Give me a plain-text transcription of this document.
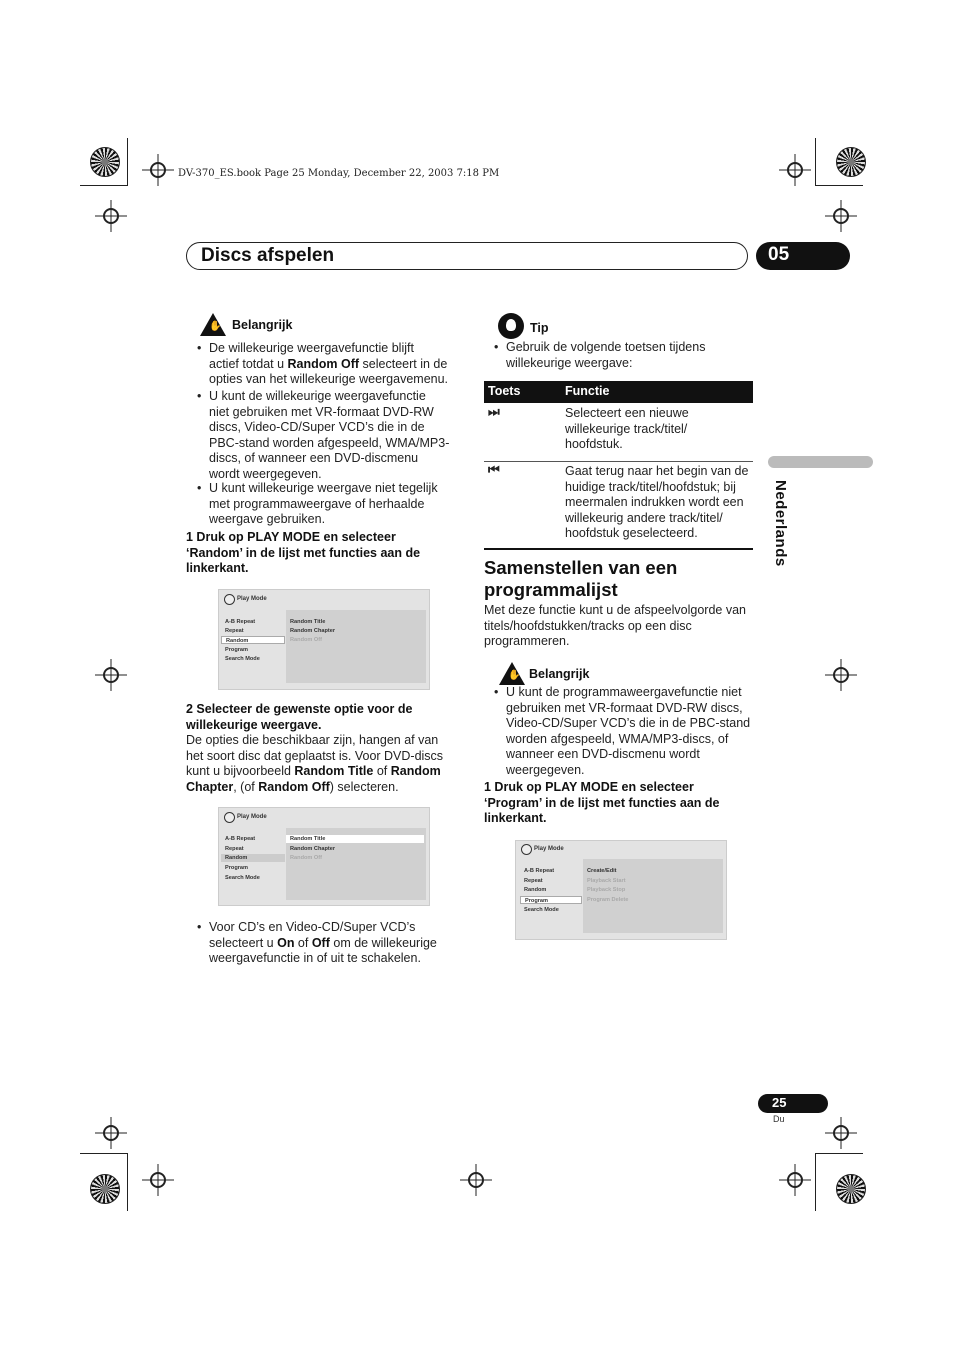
DV-370_ES.book Page 25 Monday, December 22, 2003 7:18 PM
Discs afspelen	05
✋ Belangrijk
• De willekeurige weergavefunctie blijft
actief totdat u Random Off selecteert in de
opties van het willekeurige weergavemenu.
• U kunt de willekeurige weergavefunctie
niet gebruiken met VR-formaat DVD-RW
discs, Video-CD/Super VCD’s die in de
PBC-stand worden afgespeeld, WMA/MP3-
discs, of wanneer een DVD-discmenu
wordt weergegeven.
• U kunt willekeurige weergave niet tegelijk
met programmaweergave of herhaalde
weergave gebruiken.
1 Druk op PLAY MODE en selecteer
‘Random’ in de lijst met functies aan de
linkerkant.
Play Mode
A-B Repeat
Repeat
Random
Program
Search Mode
Random Title
Random Chapter
Random Off
2 Selecteer de gewenste optie voor de
willekeurige weergave.
De opties die beschikbaar zijn, hangen af van
het soort disc dat geplaatst is. Voor DVD-discs
kunt u bijvoorbeeld Random Title of Random
Chapter, (of Random Off) selecteren.
Play Mode
A-B Repeat
Repeat
Random
Program
Search Mode
Random Title
Random Chapter
Random Off
• Voor CD’s en Video-CD/Super VCD’s
selecteert u On of Off om de willekeurige
weergavefunctie in of uit te schakelen.
Tip
• Gebruik de volgende toetsen tijdens
willekeurige weergave:
Toets	Functie
⏭	Selecteert een nieuwe
willekeurige track/titel/
hoofdstuk.
⏮	Gaat terug naar het begin van de
huidige track/titel/hoofdstuk; bij
meermalen indrukken wordt een
willekeurig andere track/titel/
hoofdstuk geselecteerd.
Samenstellen van een
programmalijst
Met deze functie kunt u de afspeelvolgorde van
titels/hoofdstukken/tracks op een disc
programmeren.
✋ Belangrijk
• U kunt de programmaweergavefunctie niet
gebruiken met VR-formaat DVD-RW discs,
Video-CD/Super VCD’s die in de PBC-stand
worden afgespeeld, WMA/MP3-discs, of
wanneer een DVD-discmenu wordt
weergegeven.
1 Druk op PLAY MODE en selecteer
‘Program’ in de lijst met functies aan de
linkerkant.
Play Mode
A-B Repeat
Repeat
Random
Program
Search Mode
Create/Edit
Playback Start
Playback Stop
Program Delete
Nederlands
25
Du
